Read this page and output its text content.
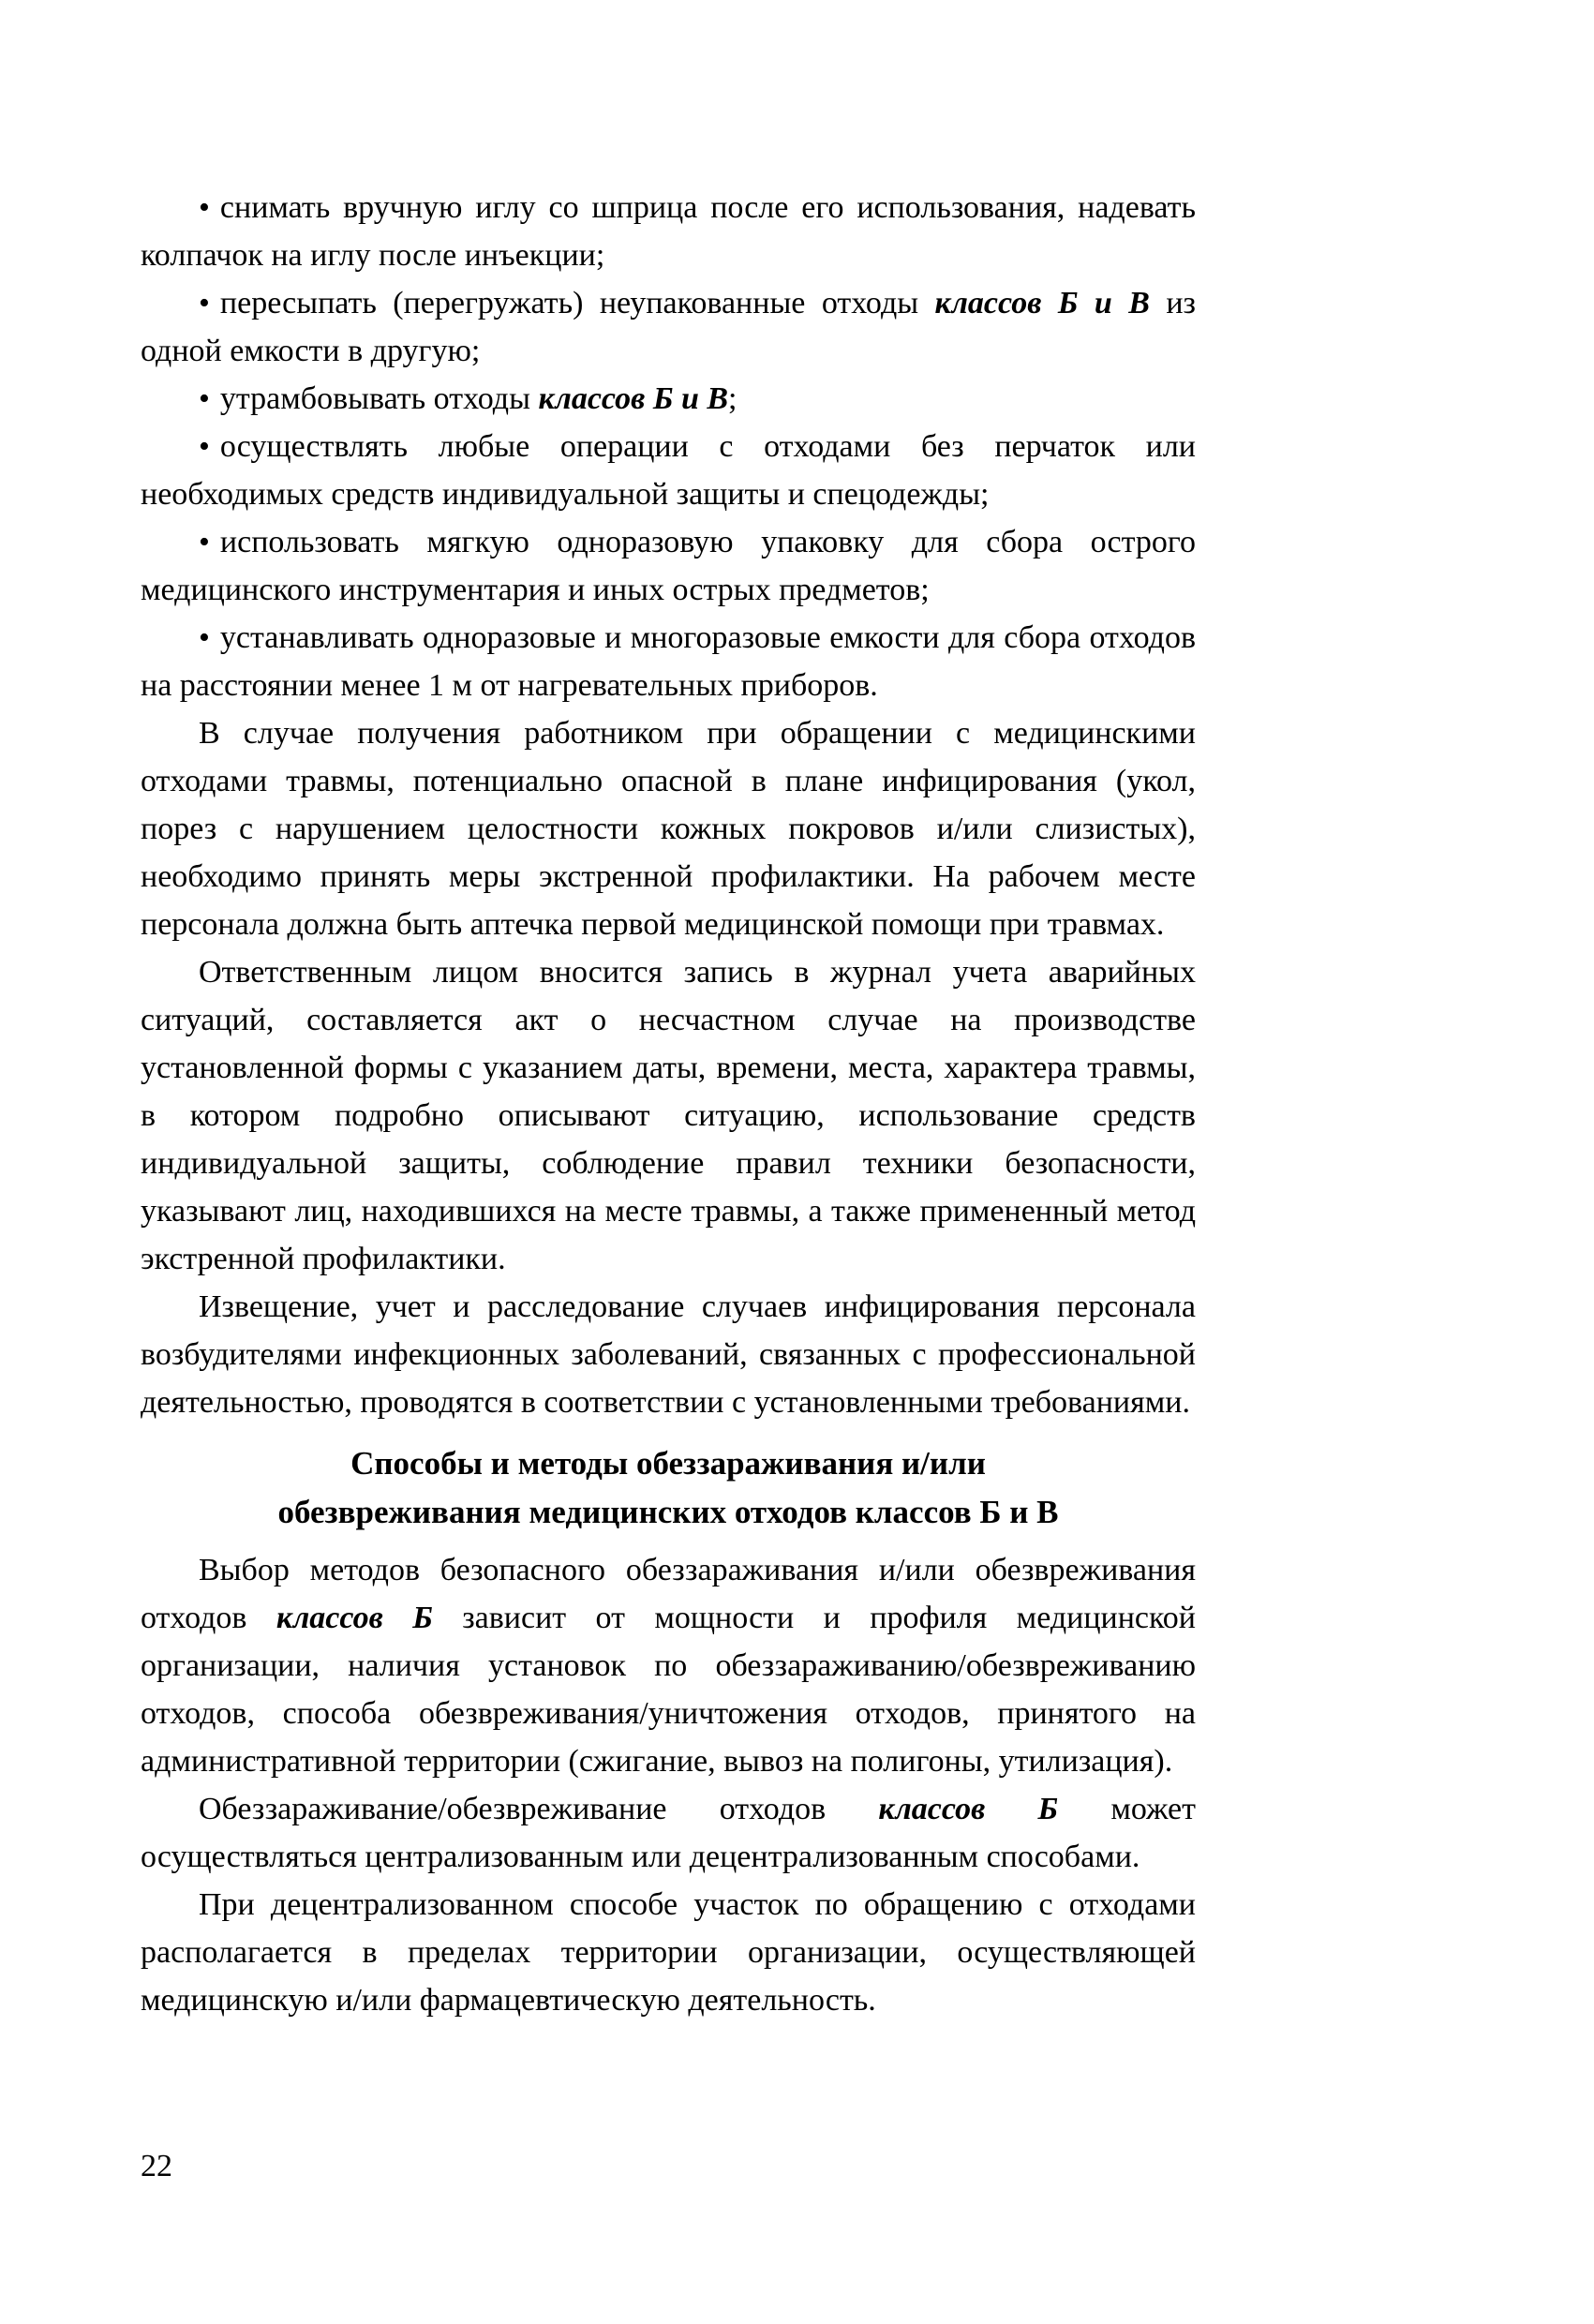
• снимать вручную иглу со шприца после его использования, надевать колпачок на иглу после инъекции;

• пересыпать (перегружать) неупакованные отходы классов Б и В из одной емкости в другую;

• утрамбовывать отходы классов Б и В;

• осуществлять любые операции с отходами без перчаток или необходимых средств индивидуальной защиты и спецодежды;

• использовать мягкую одноразовую упаковку для сбора острого медицинского инструментария и иных острых предметов;

• устанавливать одноразовые и многоразовые емкости для сбора отходов на расстоянии менее 1 м от нагревательных приборов.

В случае получения работником при обращении с медицинскими отходами травмы, потенциально опасной в плане инфицирования (укол, порез с нарушением целостности кожных покровов и/или слизистых), необходимо принять меры экстренной профилактики. На рабочем месте персонала должна быть аптечка первой медицинской помощи при травмах.

Ответственным лицом вносится запись в журнал учета аварийных ситуаций, составляется акт о несчастном случае на производстве установленной формы с указанием даты, времени, места, характера травмы, в котором подробно описывают ситуацию, использование средств индивидуальной защиты, соблюдение правил техники безопасности, указывают лиц, находившихся на месте травмы, а также примененный метод экстренной профилактики.

Извещение, учет и расследование случаев инфицирования персонала возбудителями инфекционных заболеваний, связанных с профессиональной деятельностью, проводятся в соответствии с установленными требованиями.

Способы и методы обеззараживания и/или
обезвреживания медицинских отходов классов Б и В

Выбор методов безопасного обеззараживания и/или обезвреживания отходов классов Б зависит от мощности и профиля медицинской организации, наличия установок по обеззараживанию/обезвреживанию отходов, способа обезвреживания/уничтожения отходов, принятого на административной территории (сжигание, вывоз на полигоны, утилизация).

Обеззараживание/обезвреживание отходов классов Б может осуществляться централизованным или децентрализованным способами.

При децентрализованном способе участок по обращению с отходами располагается в пределах территории организации, осуществляющей медицинскую и/или фармацевтическую деятельность.

22
